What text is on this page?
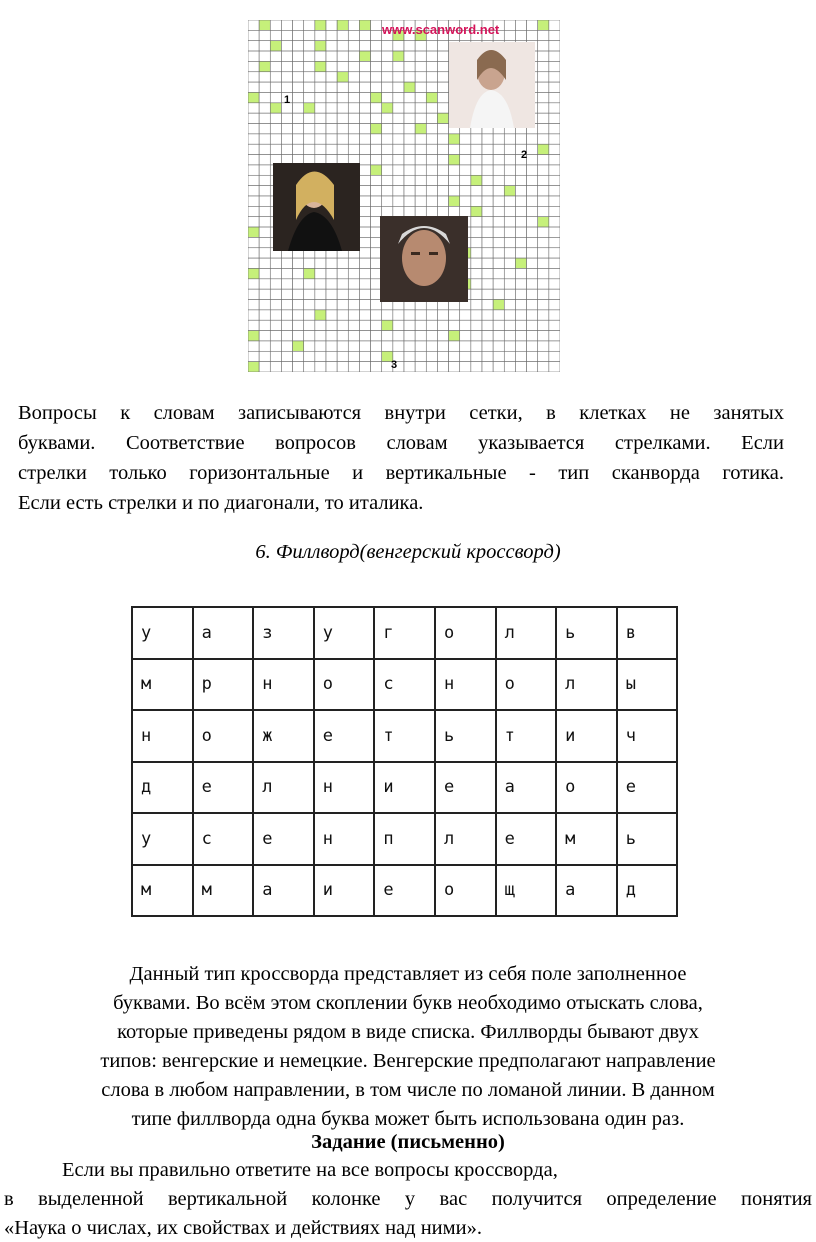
www.scanword.net
1
2
3
Вопросы к словам записываются внутри сетки, в клетках не занятых
буквами. Соответствие вопросов словам указывается стрелками. Если
стрелки только горизонтальные и вертикальные - тип сканворда готика.
Если есть стрелки и по диагонали, то италика.
6. Филлворд(венгерский кроссворд)
у	а	з	у	г	о	л	ь	в
м	р	н	о	с	н	о	л	ы
н	о	ж	е	т	ь	т	и	ч
д	е	л	н	и	е	а	о	е
у	с	е	н	п	л	е	м	ь
м	м	а	и	е	о	щ	а	д
Данный тип кроссворда представляет из себя поле заполненное
буквами. Во всём этом скоплении букв необходимо отыскать слова,
которые приведены рядом в виде списка. Филлворды бывают двух
типов: венгерские и немецкие. Венгерские предполагают направление
слова в любом направлении, в том числе по ломаной линии. В данном
типе филлворда одна буква может быть использована один раз.
Задание (письменно)
Если вы правильно ответите на все вопросы кроссворда,
в выделенной вертикальной колонке у вас получится определение понятия
«Наука о числах, их свойствах и действиях над ними».
